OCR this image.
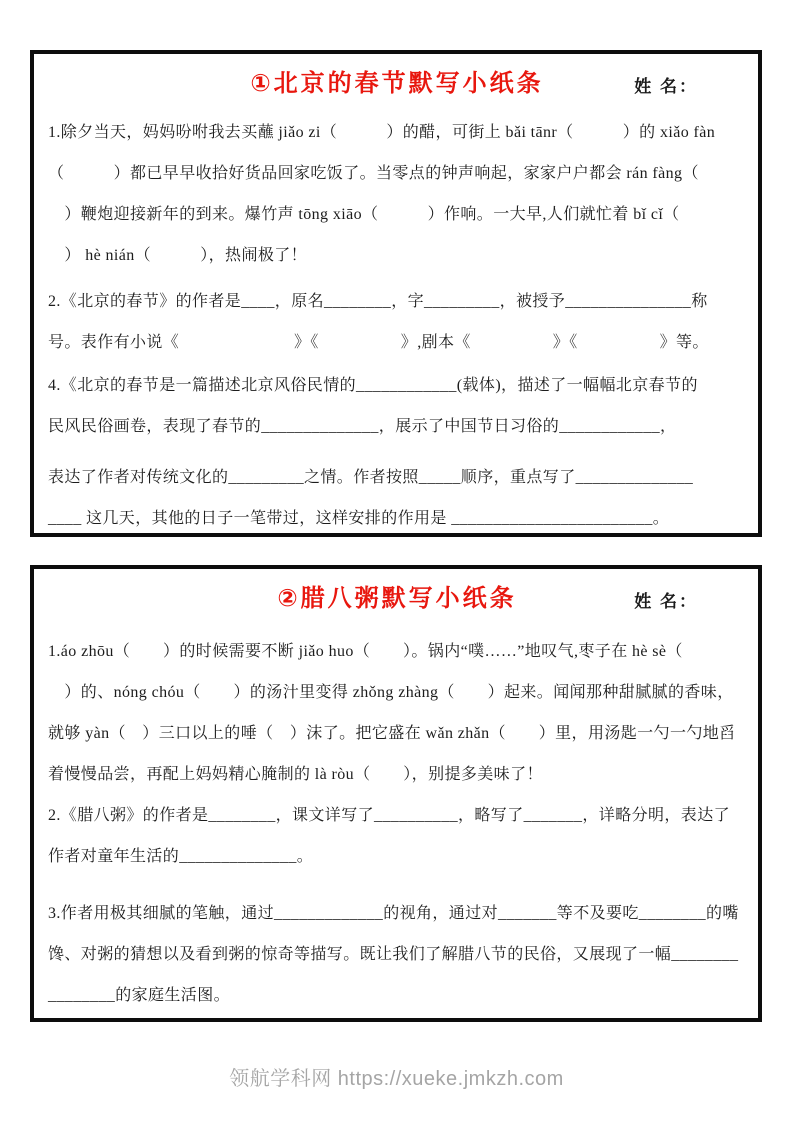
①北京的春节默写小纸条	姓 名：
1.除夕当天，妈妈吩咐我去买蘸 jiǎo zi（　　　）的醋，可街上 bǎi tānr（　　　）的 xiǎo fàn
（　　　）都已早早收拾好货品回家吃饭了。当零点的钟声响起，家家户户都会 rán fàng（
　）鞭炮迎接新年的到来。爆竹声 tōng xiāo（　　　）作响。一大早,人们就忙着 bǐ cǐ（
　） hè nián（　　　），热闹极了！
2.《北京的春节》的作者是____，原名________，字_________，被授予_______________称
号。表作有小说《　　　　　　　》《　　　　　》,剧本《　　　　　》《　　　　　》等。
4.《北京的春节是一篇描述北京风俗民情的____________(载体)，描述了一幅幅北京春节的
民风民俗画卷，表现了春节的______________，展示了中国节日习俗的____________，
表达了作者对传统文化的_________之情。作者按照_____顺序，重点写了______________
____ 这几天，其他的日子一笔带过，这样安排的作用是 ________________________。
②腊八粥默写小纸条	姓 名：
1.áo zhōu（　　）的时候需要不断 jiǎo huo（　　）。锅内“噗……”地叹气,枣子在 hè sè（
　）的、nóng chóu（　　）的汤汁里变得 zhǒng zhàng（　　）起来。闻闻那种甜腻腻的香味，
就够 yàn（　）三口以上的唾（　）沫了。把它盛在 wǎn zhǎn（　　）里，用汤匙一勺一勺地舀
着慢慢品尝，再配上妈妈精心腌制的 là ròu（　　），别提多美味了！
2.《腊八粥》的作者是________，课文详写了__________，略写了_______，详略分明，表达了
作者对童年生活的______________。
3.作者用极其细腻的笔触，通过_____________的视角，通过对_______等不及要吃________的嘴
馋、对粥的猜想以及看到粥的惊奇等描写。既让我们了解腊八节的民俗，又展现了一幅________
________的家庭生活图。
领航学科网 https://xueke.jmkzh.com
